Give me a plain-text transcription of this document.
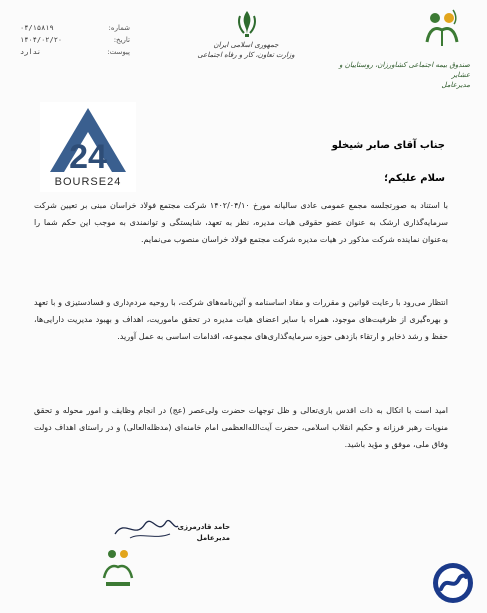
جمهوری اسلامی ایران
وزارت تعاون، کار و رفاه اجتماعی
صندوق بیمه اجتماعی کشاورزان، روستاییان و عشایر
مدیرعامل
شماره:
۰۴/۱۵۸۱۹
تاریخ:
۱۴۰۴/۰۲/۲۰
پیوست:
ندارد
24
BOURSE24
جناب آقای صابر شیخلو
سلام علیکم؛
با استناد به صورتجلسه مجمع عمومی عادی سالیانه مورخ ۱۴۰۲/۰۴/۱۰ شرکت مجتمع فولاد خراسان مبنی بر تعیین شرکت سرمایه‌گذاری ارشک به عنوان عضو حقوقی هیات مدیره، نظر به تعهد، شایستگی و توانمندی به موجب این حکم شما را به‌عنوان نماینده شرکت مذکور در هیات مدیره شرکت مجتمع فولاد خراسان منصوب می‌نمایم.
انتظار می‌رود با رعایت قوانین و مقررات و مفاد اساسنامه و آئین‌نامه‌های شرکت، با روحیه مردم‌داری و فسادستیزی و با تعهد و بهره‌گیری از ظرفیت‌های موجود، همراه با سایر اعضای هیات مدیره در تحقق ماموریت، اهداف و بهبود مدیریت دارایی‌ها، حفظ و رشد ذخایر و ارتقاء بازدهی حوزه سرمایه‌گذاری‌های مجموعه، اقدامات اساسی به عمل آورید.
امید است با اتکال به ذات اقدس باری‌تعالی و ظل توجهات حضرت ولی‌عصر (عج) در انجام وظایف و امور محوله و تحقق منویات رهبر فرزانه و حکیم انقلاب اسلامی، حضرت آیت‌الله‌العظمی امام خامنه‌ای (مدظله‌العالی) و در راستای اهداف دولت وفاق ملی، موفق و مؤید باشید.
حامد قادرمرزی
مدیرعامل
